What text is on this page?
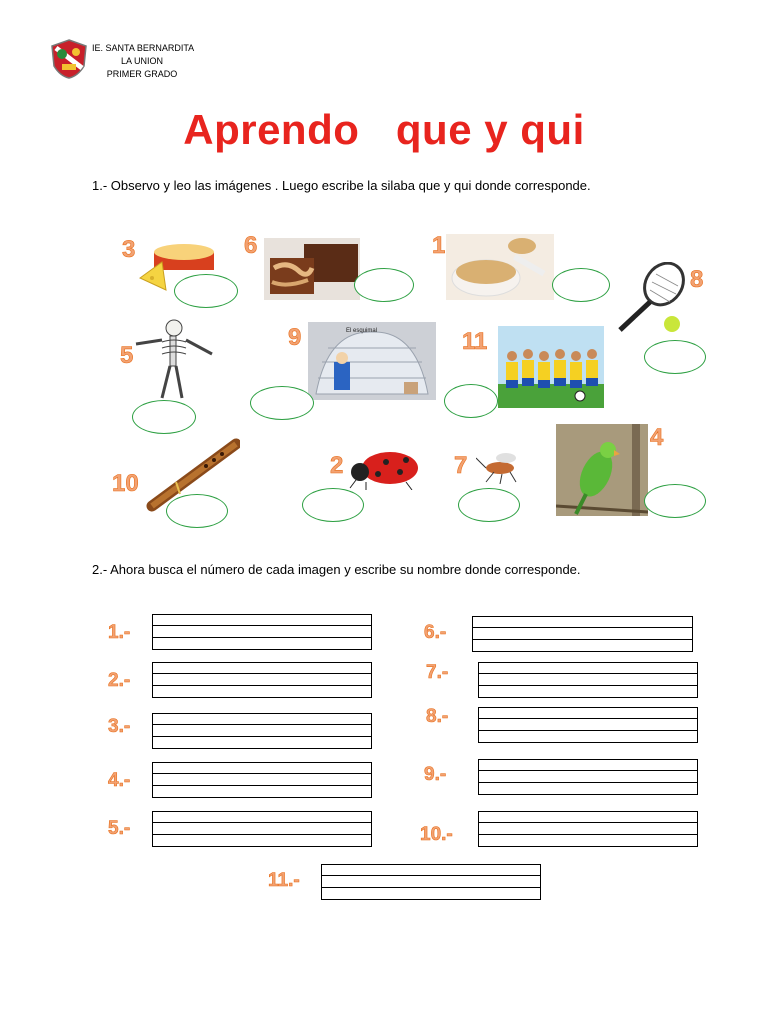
IE. SANTA BERNARDITA
LA UNION
PRIMER GRADO
Aprendo que y qui
1.- Observo y leo las imágenes . Luego escribe la silaba que y qui donde corresponde.
3	6	1
8
5
9	El esquimal	11
10
2	7
4
2.- Ahora busca el número de cada imagen y escribe su nombre donde corresponde.
1.-
2.-
3.-
4.-
5.-
6.-
7.-
8.-
9.-
10.-
11.-
